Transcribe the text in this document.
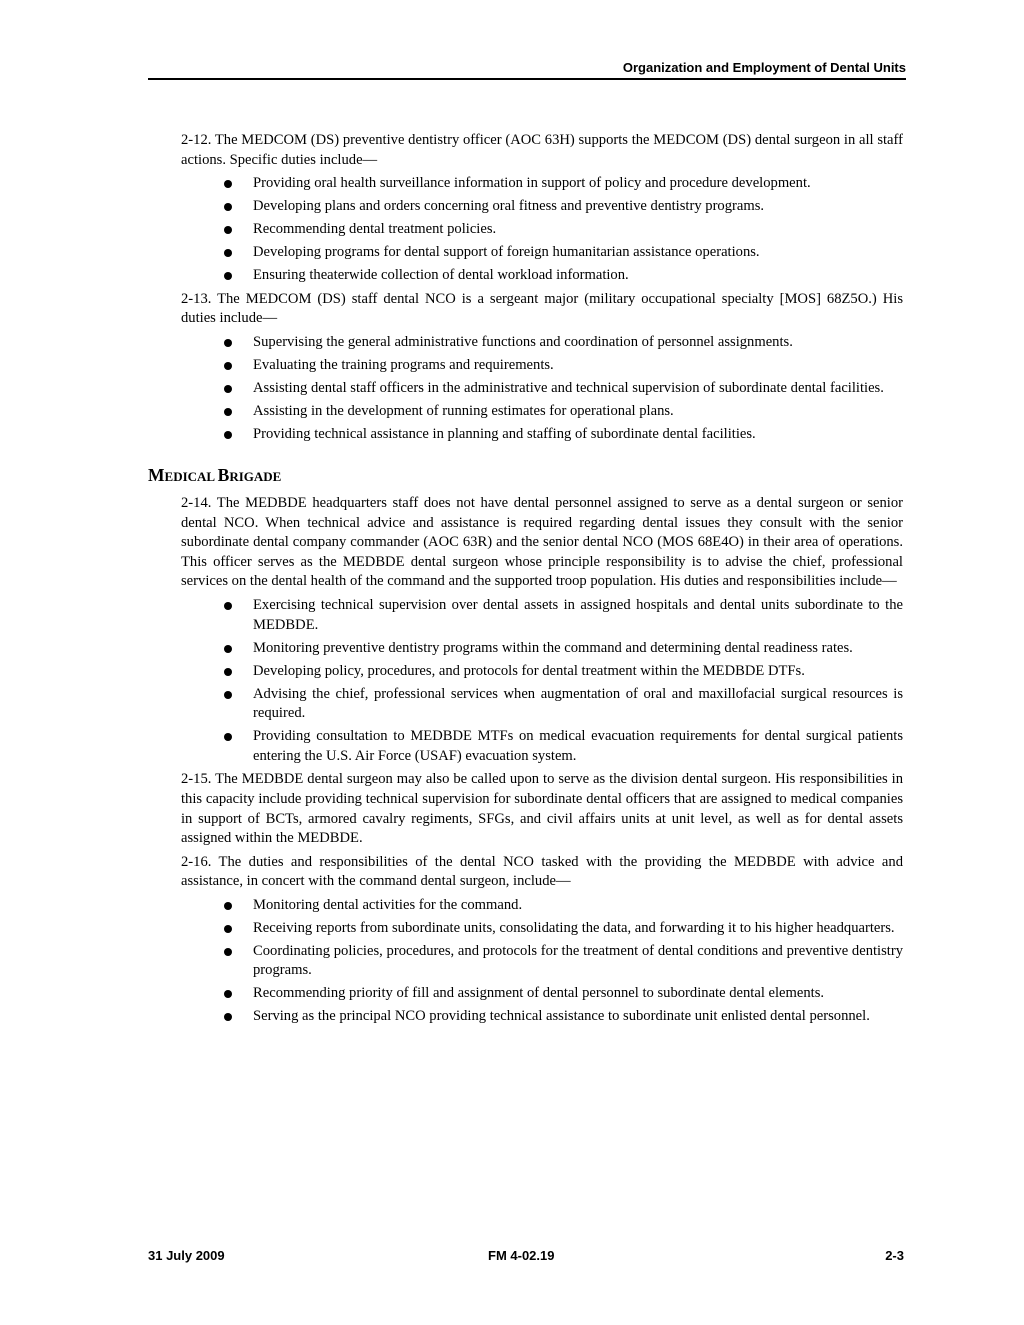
Organization and Employment of Dental Units

2-12. The MEDCOM (DS) preventive dentistry officer (AOC 63H) supports the MEDCOM (DS) dental surgeon in all staff actions. Specific duties include—

Providing oral health surveillance information in support of policy and procedure development.
Developing plans and orders concerning oral fitness and preventive dentistry programs.
Recommending dental treatment policies.
Developing programs for dental support of foreign humanitarian assistance operations.
Ensuring theaterwide collection of dental workload information.

2-13. The MEDCOM (DS) staff dental NCO is a sergeant major (military occupational specialty [MOS] 68Z5O.) His duties include—

Supervising the general administrative functions and coordination of personnel assignments.
Evaluating the training programs and requirements.
Assisting dental staff officers in the administrative and technical supervision of subordinate dental facilities.
Assisting in the development of running estimates for operational plans.
Providing technical assistance in planning and staffing of subordinate dental facilities.
MEDICAL BRIGADE

2-14. The MEDBDE headquarters staff does not have dental personnel assigned to serve as a dental surgeon or senior dental NCO. When technical advice and assistance is required regarding dental issues they consult with the senior subordinate dental company commander (AOC 63R) and the senior dental NCO (MOS 68E4O) in their area of operations. This officer serves as the MEDBDE dental surgeon whose principle responsibility is to advise the chief, professional services on the dental health of the command and the supported troop population. His duties and responsibilities include—

Exercising technical supervision over dental assets in assigned hospitals and dental units subordinate to the MEDBDE.
Monitoring preventive dentistry programs within the command and determining dental readiness rates.
Developing policy, procedures, and protocols for dental treatment within the MEDBDE DTFs.
Advising the chief, professional services when augmentation of oral and maxillofacial surgical resources is required.
Providing consultation to MEDBDE MTFs on medical evacuation requirements for dental surgical patients entering the U.S. Air Force (USAF) evacuation system.

2-15. The MEDBDE dental surgeon may also be called upon to serve as the division dental surgeon. His responsibilities in this capacity include providing technical supervision for subordinate dental officers that are assigned to medical companies in support of BCTs, armored cavalry regiments, SFGs, and civil affairs units at unit level, as well as for dental assets assigned within the MEDBDE.

2-16. The duties and responsibilities of the dental NCO tasked with the providing the MEDBDE with advice and assistance, in concert with the command dental surgeon, include—

Monitoring dental activities for the command.
Receiving reports from subordinate units, consolidating the data, and forwarding it to his higher headquarters.
Coordinating policies, procedures, and protocols for the treatment of dental conditions and preventive dentistry programs.
Recommending priority of fill and assignment of dental personnel to subordinate dental elements.
Serving as the principal NCO providing technical assistance to subordinate unit enlisted dental personnel.
31 July 2009	FM 4-02.19	2-3
